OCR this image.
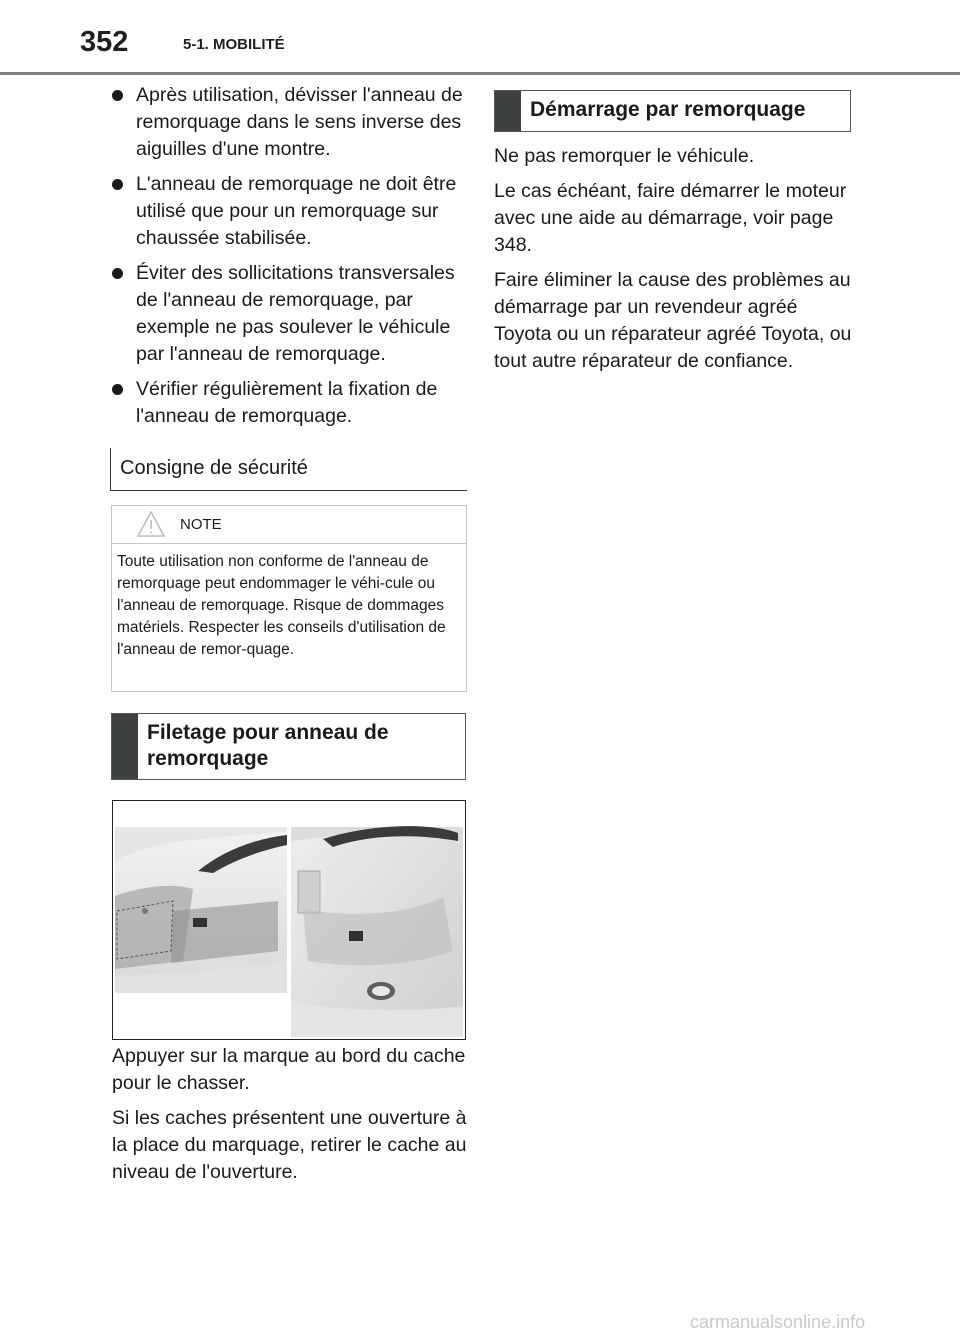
352	5-1. MOBILITÉ
Après utilisation, dévisser l'anneau de remorquage dans le sens inverse des aiguilles d'une montre.
L'anneau de remorquage ne doit être utilisé que pour un remorquage sur chaussée stabilisée.
Éviter des sollicitations transversales de l'anneau de remorquage, par exemple ne pas soulever le véhicule par l'anneau de remorquage.
Vérifier régulièrement la fixation de l'anneau de remorquage.
Consigne de sécurité
NOTE
Toute utilisation non conforme de l'anneau de remorquage peut endommager le véhi-cule ou l'anneau de remorquage. Risque de dommages matériels. Respecter les conseils d'utilisation de l'anneau de remor-quage.
Filetage pour anneau de
remorquage

Appuyer sur la marque au bord du cache pour le chasser.

Si les caches présentent une ouverture à la place du marquage, retirer le cache au niveau de l'ouverture.

Démarrage par remorquage

Ne pas remorquer le véhicule.

Le cas échéant, faire démarrer le moteur avec une aide au démarrage, voir page 348.

Faire éliminer la cause des problèmes au démarrage par un revendeur agréé Toyota ou un réparateur agréé Toyota, ou tout autre réparateur de confiance.

carmanualsonline.info
